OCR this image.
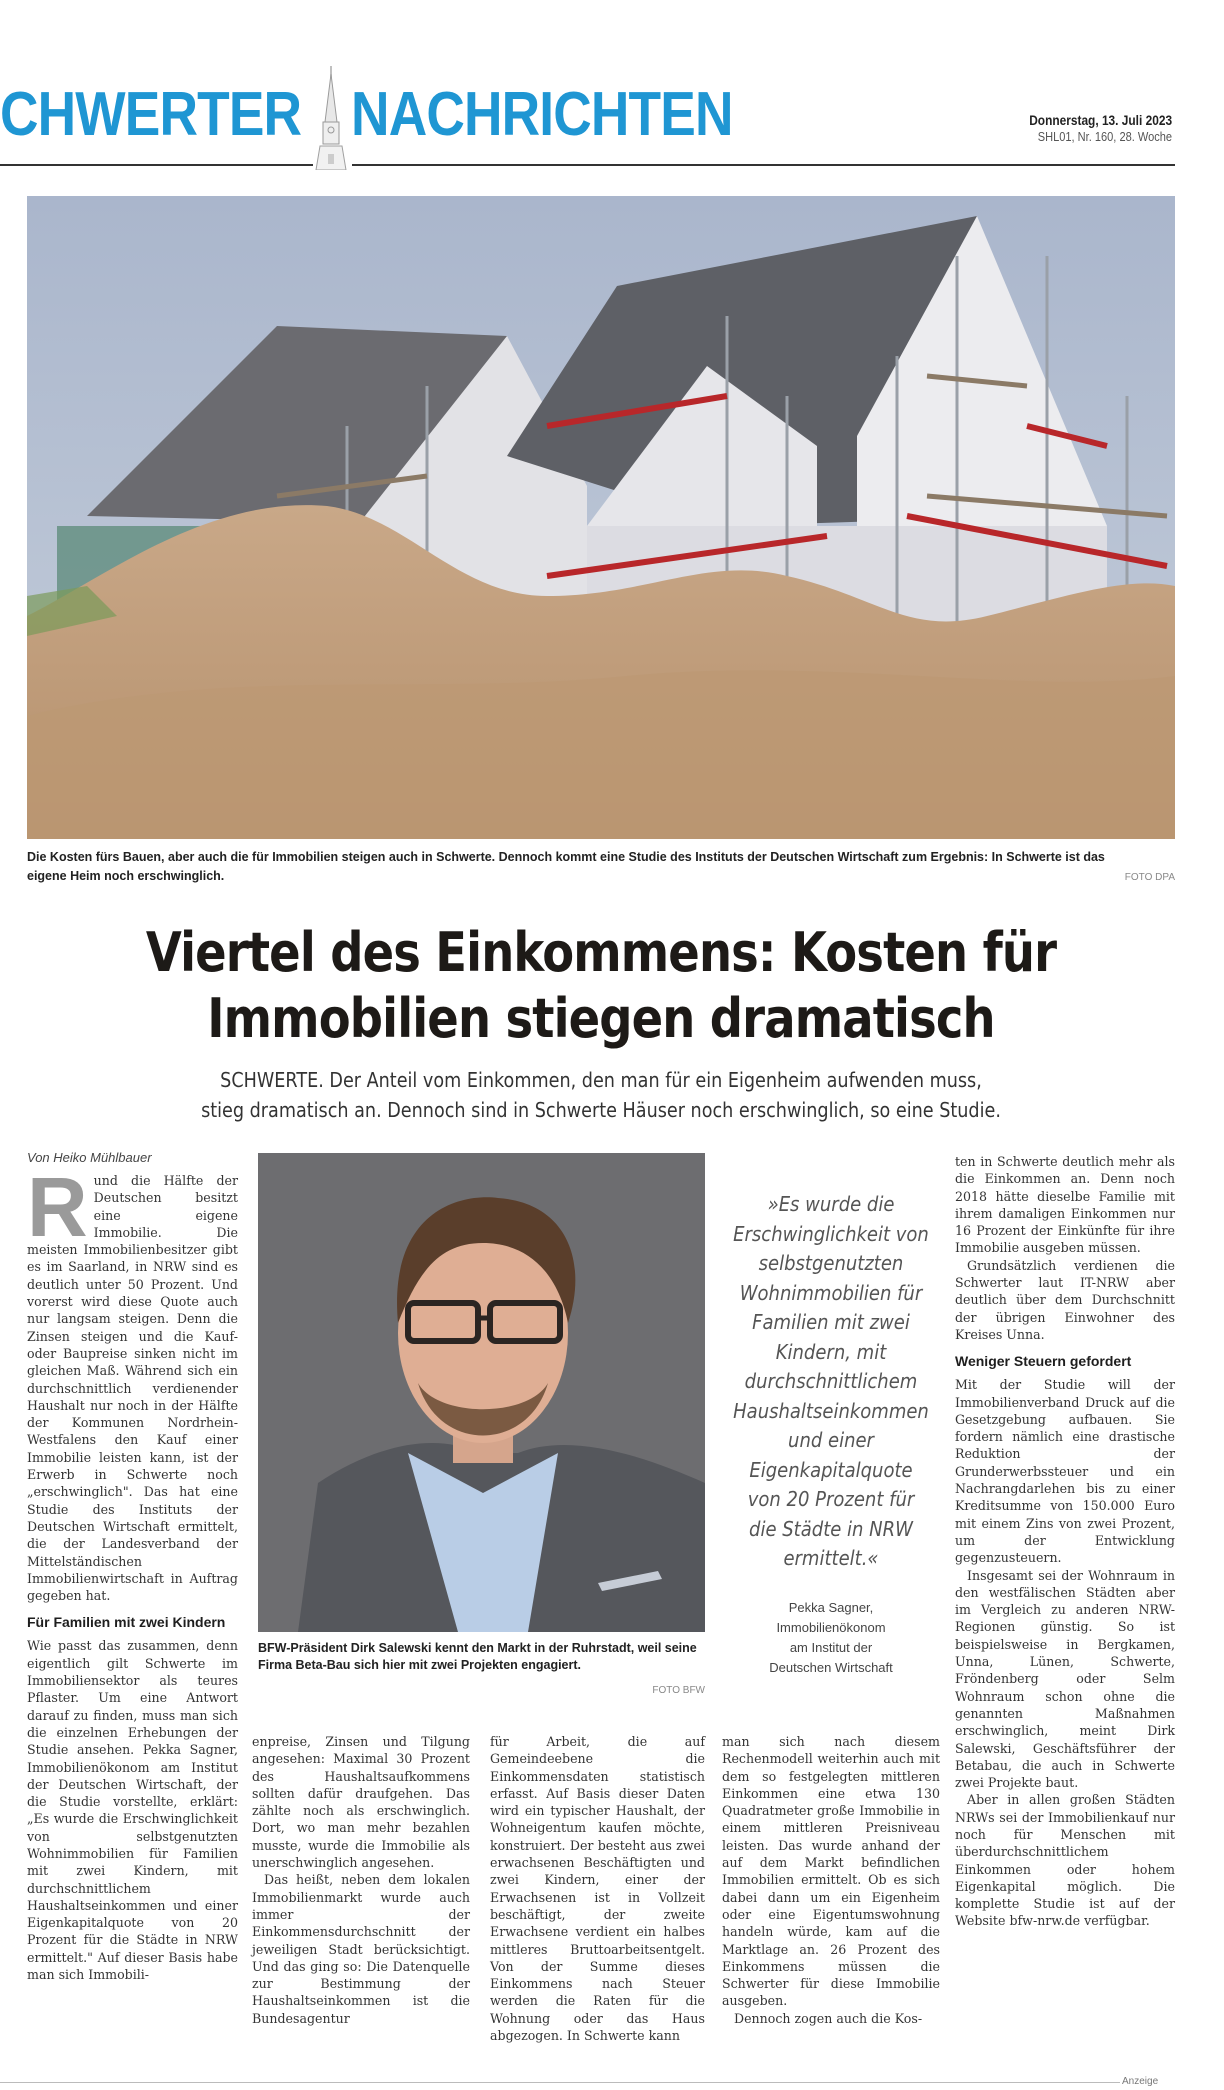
CHWERTER NACHRICHTEN	Donnerstag, 13. Juli 2023
SHL01, Nr. 160, 28. Woche
Die Kosten fürs Bauen, aber auch die für Immobilien steigen auch in Schwerte. Dennoch kommt eine Studie des Instituts der Deutschen Wirtschaft zum Ergebnis: In Schwerte ist das eigene Heim noch erschwinglich.	FOTO DPA
Viertel des Einkommens: Kosten für
Immobilien stiegen dramatisch
SCHWERTE. Der Anteil vom Einkommen, den man für ein Eigenheim aufwenden muss,
stieg dramatisch an. Dennoch sind in Schwerte Häuser noch erschwinglich, so eine Studie.
Von Heiko Mühlbauer
R und die Hälfte der Deutschen besitzt eine eigene Immobilie. Die meisten Immobilienbesitzer gibt es im Saarland, in NRW sind es deutlich unter 50 Prozent. Und vorerst wird diese Quote auch nur langsam steigen. Denn die Zinsen steigen und die Kauf- oder Baupreise sinken nicht im gleichen Maß. Während sich ein durchschnittlich verdienender Haushalt nur noch in der Hälfte der Kommunen Nordrhein-Westfalens den Kauf einer Immobilie leisten kann, ist der Erwerb in Schwerte noch „erschwinglich". Das hat eine Studie des Instituts der Deutschen Wirtschaft ermittelt, die der Landesverband der Mittelständischen Immobilienwirtschaft in Auftrag gegeben hat.

Für Familien mit zwei Kindern

Wie passt das zusammen, denn eigentlich gilt Schwerte im Immobiliensektor als teures Pflaster. Um eine Antwort darauf zu finden, muss man sich die einzelnen Erhebungen der Studie ansehen. Pekka Sagner, Immobilienökonom am Institut der Deutschen Wirtschaft, der die Studie vorstellte, erklärt: „Es wurde die Erschwinglichkeit von selbstgenutzten Wohnimmobilien für Familien mit zwei Kindern, mit durchschnittlichem Haushaltseinkommen und einer Eigenkapitalquote von 20 Prozent für die Städte in NRW ermittelt." Auf dieser Basis habe man sich Immobili-

BFW-Präsident Dirk Salewski kennt den Markt in der Ruhrstadt, weil seine Firma Beta-Bau sich hier mit zwei Projekten engagiert.
FOTO BFW
»Es wurde die Erschwinglichkeit von selbstgenutzten Wohnimmobilien für Familien mit zwei Kindern, mit durchschnittlichem Haushaltseinkommen und einer Eigenkapitalquote von 20 Prozent für die Städte in NRW ermittelt.«
Pekka Sagner,
Immobilienökonom
am Institut der
Deutschen Wirtschaft

enpreise, Zinsen und Tilgung angesehen: Maximal 30 Prozent des Haushaltsaufkommens sollten dafür draufgehen. Das zählte noch als erschwinglich. Dort, wo man mehr bezahlen musste, wurde die Immobilie als unerschwinglich angesehen.

Das heißt, neben dem lokalen Immobilienmarkt wurde auch immer der Einkommensdurchschnitt der jeweiligen Stadt berücksichtigt. Und das ging so: Die Datenquelle zur Bestimmung der Haushaltseinkommen ist die Bundesagentur

für Arbeit, die auf Gemeindeebene die Einkommensdaten statistisch erfasst. Auf Basis dieser Daten wird ein typischer Haushalt, der Wohneigentum kaufen möchte, konstruiert. Der besteht aus zwei erwachsenen Beschäftigten und zwei Kindern, einer der Erwachsenen ist in Vollzeit beschäftigt, der zweite Erwachsene verdient ein halbes mittleres Bruttoarbeitsentgelt. Von der Summe dieses Einkommens nach Steuer werden die Raten für die Wohnung oder das Haus abgezogen. In Schwerte kann

man sich nach diesem Rechenmodell weiterhin auch mit dem so festgelegten mittleren Einkommen eine etwa 130 Quadratmeter große Immobilie in einem mittleren Preisniveau leisten. Das wurde anhand der auf dem Markt befindlichen Immobilien ermittelt. Ob es sich dabei dann um ein Eigenheim oder eine Eigentumswohnung handeln würde, kam auf die Marktlage an. 26 Prozent des Einkommens müssen die Schwerter für diese Immobilie ausgeben.

Dennoch zogen auch die Kos-

ten in Schwerte deutlich mehr als die Einkommen an. Denn noch 2018 hätte dieselbe Familie mit ihrem damaligen Einkommen nur 16 Prozent der Einkünfte für ihre Immobilie ausgeben müssen.

Grundsätzlich verdienen die Schwerter laut IT-NRW aber deutlich über dem Durchschnitt der übrigen Einwohner des Kreises Unna.

Weniger Steuern gefordert

Mit der Studie will der Immobilienverband Druck auf die Gesetzgebung aufbauen. Sie fordern nämlich eine drastische Reduktion der Grunderwerbssteuer und ein Nachrangdarlehen bis zu einer Kreditsumme von 150.000 Euro mit einem Zins von zwei Prozent, um der Entwicklung gegenzusteuern.

Insgesamt sei der Wohnraum in den westfälischen Städten aber im Vergleich zu anderen NRW-Regionen günstig. So ist beispielsweise in Bergkamen, Unna, Lünen, Schwerte, Fröndenberg oder Selm Wohnraum schon ohne die genannten Maßnahmen erschwinglich, meint Dirk Salewski, Geschäftsführer der Betabau, die auch in Schwerte zwei Projekte baut.

Aber in allen großen Städten NRWs sei der Immobilienkauf nur noch für Menschen mit überdurchschnittlichem Einkommen oder hohem Eigenkapital möglich. Die komplette Studie ist auf der Website bfw-nrw.de verfügbar.

Anzeige
